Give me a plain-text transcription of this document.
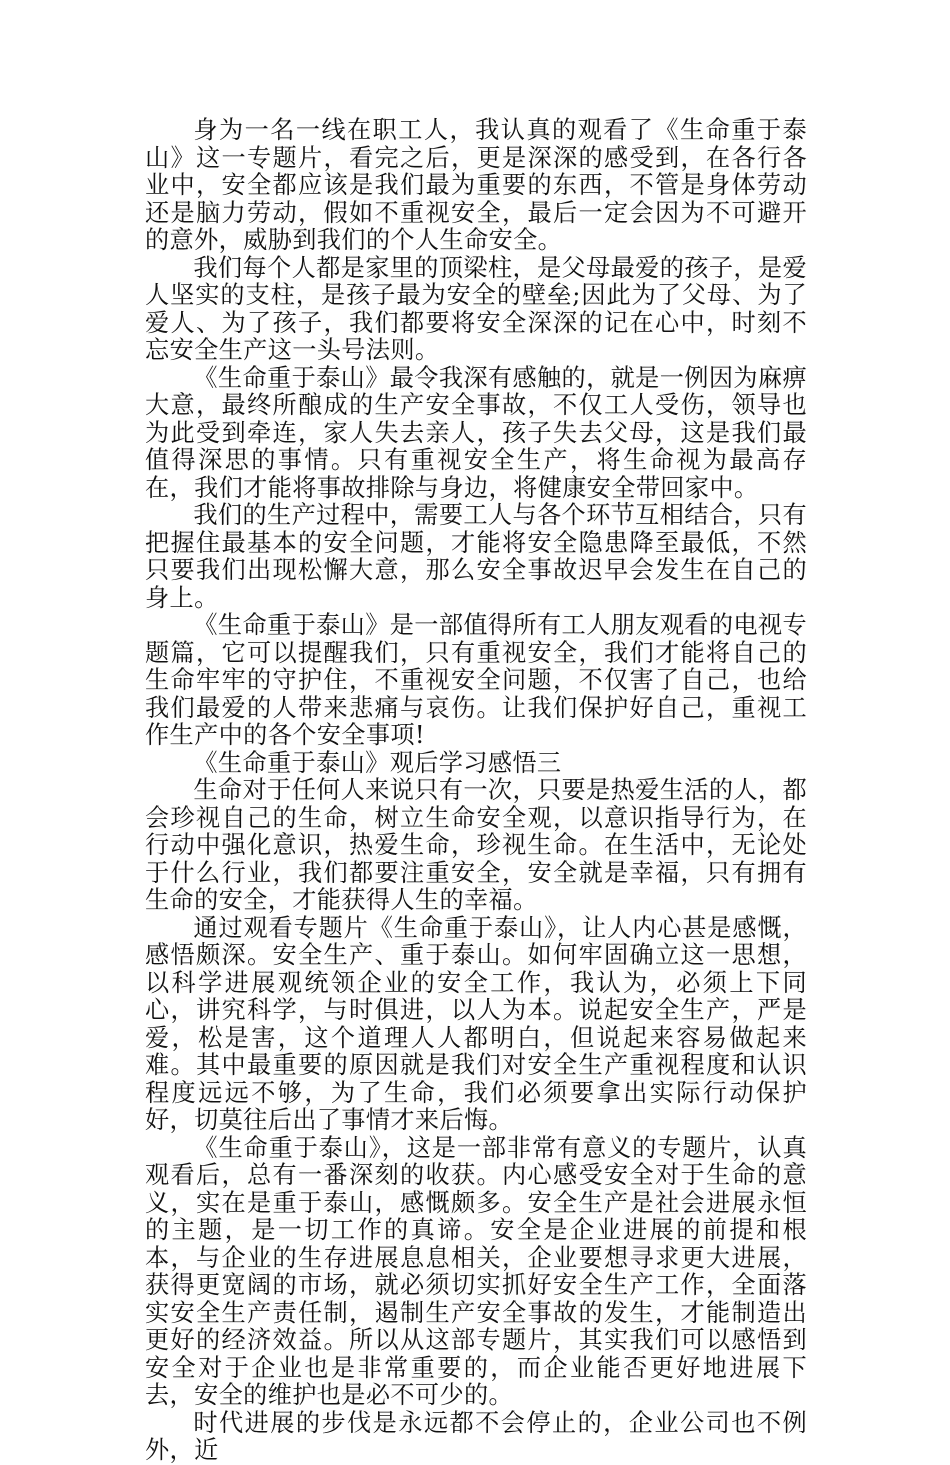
身为一名一线在职工人，我认真的观看了《生命重于泰山》这一专题片，看完之后，更是深深的感受到，在各行各业中，安全都应该是我们最为重要的东西，不管是身体劳动还是脑力劳动，假如不重视安全，最后一定会因为不可避开的意外，威胁到我们的个人生命安全。

我们每个人都是家里的顶梁柱，是父母最爱的孩子，是爱人坚实的支柱，是孩子最为安全的壁垒;因此为了父母、为了爱人、为了孩子，我们都要将安全深深的记在心中，时刻不忘安全生产这一头号法则。

《生命重于泰山》最令我深有感触的，就是一例因为麻痹大意，最终所酿成的生产安全事故，不仅工人受伤，领导也为此受到牵连，家人失去亲人，孩子失去父母，这是我们最值得深思的事情。只有重视安全生产，将生命视为最高存在，我们才能将事故排除与身边，将健康安全带回家中。

我们的生产过程中，需要工人与各个环节互相结合，只有把握住最基本的安全问题，才能将安全隐患降至最低，不然只要我们出现松懈大意，那么安全事故迟早会发生在自己的身上。

《生命重于泰山》是一部值得所有工人朋友观看的电视专题篇，它可以提醒我们，只有重视安全，我们才能将自己的生命牢牢的守护住，不重视安全问题，不仅害了自己，也给我们最爱的人带来悲痛与哀伤。让我们保护好自己，重视工作生产中的各个安全事项!

《生命重于泰山》观后学习感悟三

生命对于任何人来说只有一次，只要是热爱生活的人，都会珍视自己的生命，树立生命安全观，以意识指导行为，在行动中强化意识，热爱生命，珍视生命。在生活中，无论处于什么行业，我们都要注重安全，安全就是幸福，只有拥有生命的安全，才能获得人生的幸福。

通过观看专题片《生命重于泰山》，让人内心甚是感慨，感悟颇深。安全生产、重于泰山。如何牢固确立这一思想，以科学进展观统领企业的安全工作，我认为，必须上下同心，讲究科学，与时俱进，以人为本。说起安全生产，严是爱，松是害，这个道理人人都明白，但说起来容易做起来难。其中最重要的原因就是我们对安全生产重视程度和认识程度远远不够，为了生命，我们必须要拿出实际行动保护好，切莫往后出了事情才来后悔。

《生命重于泰山》，这是一部非常有意义的专题片，认真观看后，总有一番深刻的收获。内心感受安全对于生命的意义，实在是重于泰山，感慨颇多。安全生产是社会进展永恒的主题，是一切工作的真谛。安全是企业进展的前提和根本，与企业的生存进展息息相关，企业要想寻求更大进展，获得更宽阔的市场，就必须切实抓好安全生产工作，全面落实安全生产责任制，遏制生产安全事故的发生，才能制造出更好的经济效益。所以从这部专题片，其实我们可以感悟到安全对于企业也是非常重要的，而企业能否更好地进展下去，安全的维护也是必不可少的。

时代进展的步伐是永远都不会停止的，企业公司也不例外，近
